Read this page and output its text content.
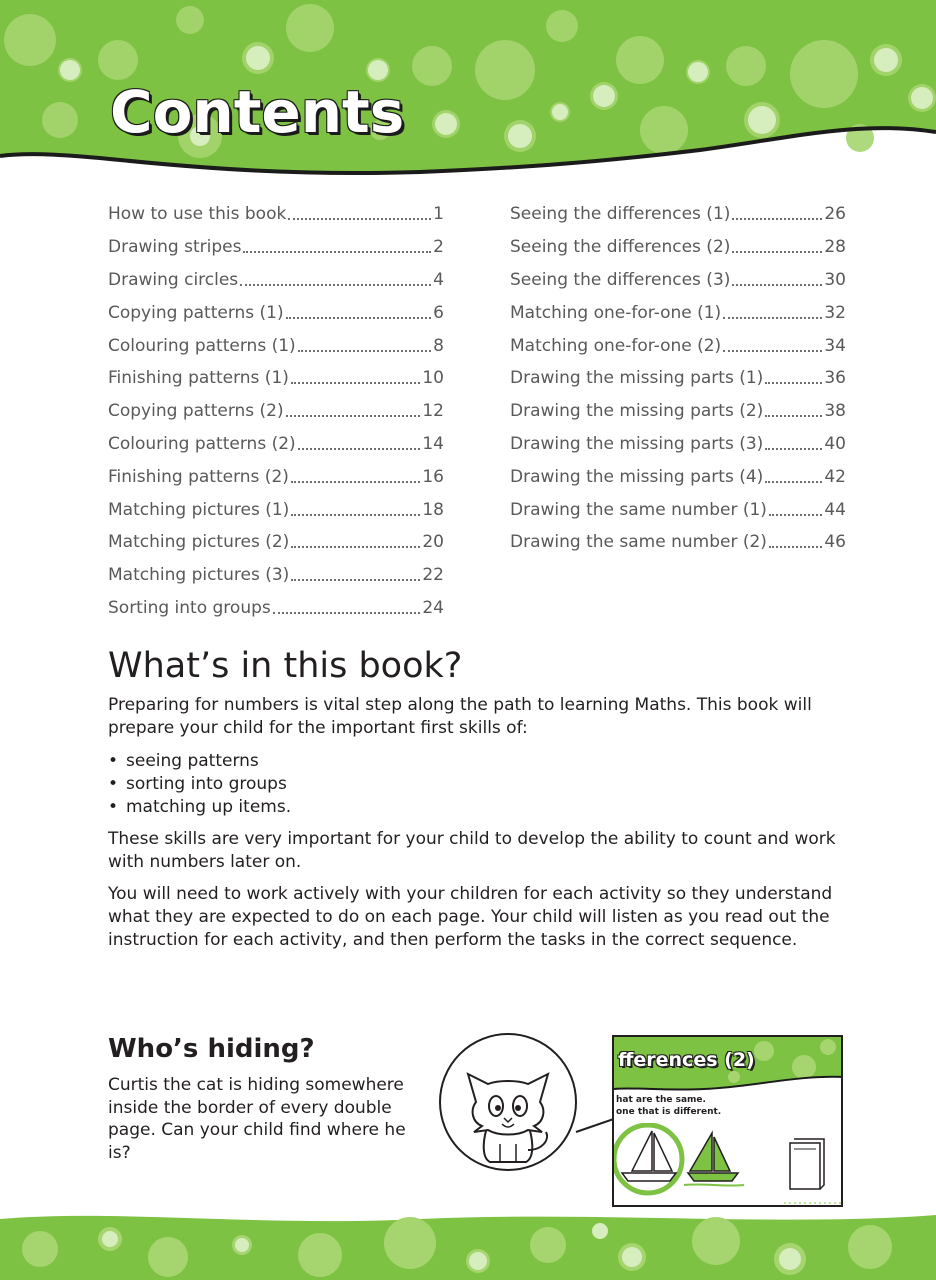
Contents
How to use this book	1
Drawing stripes	2
Drawing circles	4
Copying patterns (1)	6
Colouring patterns (1)	8
Finishing patterns (1)	10
Copying patterns (2)	12
Colouring patterns (2)	14
Finishing patterns (2)	16
Matching pictures (1)	18
Matching pictures (2)	20
Matching pictures (3)	22
Sorting into groups	24
Seeing the differences (1)	26
Seeing the differences (2)	28
Seeing the differences (3)	30
Matching one-for-one (1)	32
Matching one-for-one (2)	34
Drawing the missing parts (1)	36
Drawing the missing parts (2)	38
Drawing the missing parts (3)	40
Drawing the missing parts (4)	42
Drawing the same number (1)	44
Drawing the same number (2)	46
What’s in this book?

Preparing for numbers is vital step along the path to learning Maths. This book will prepare your child for the important first skills of:

• seeing patterns
• sorting into groups
• matching up items.

These skills are very important for your child to develop the ability to count and work with numbers later on.

You will need to work actively with your children for each activity so they understand what they are expected to do on each page. Your child will listen as you read out the instruction for each activity, and then perform the tasks in the correct sequence.

Who’s hiding?

Curtis the cat is hiding somewhere inside the border of every double page. Can your child find where he is?

fferences (2)
hat are the same.
one that is different.
